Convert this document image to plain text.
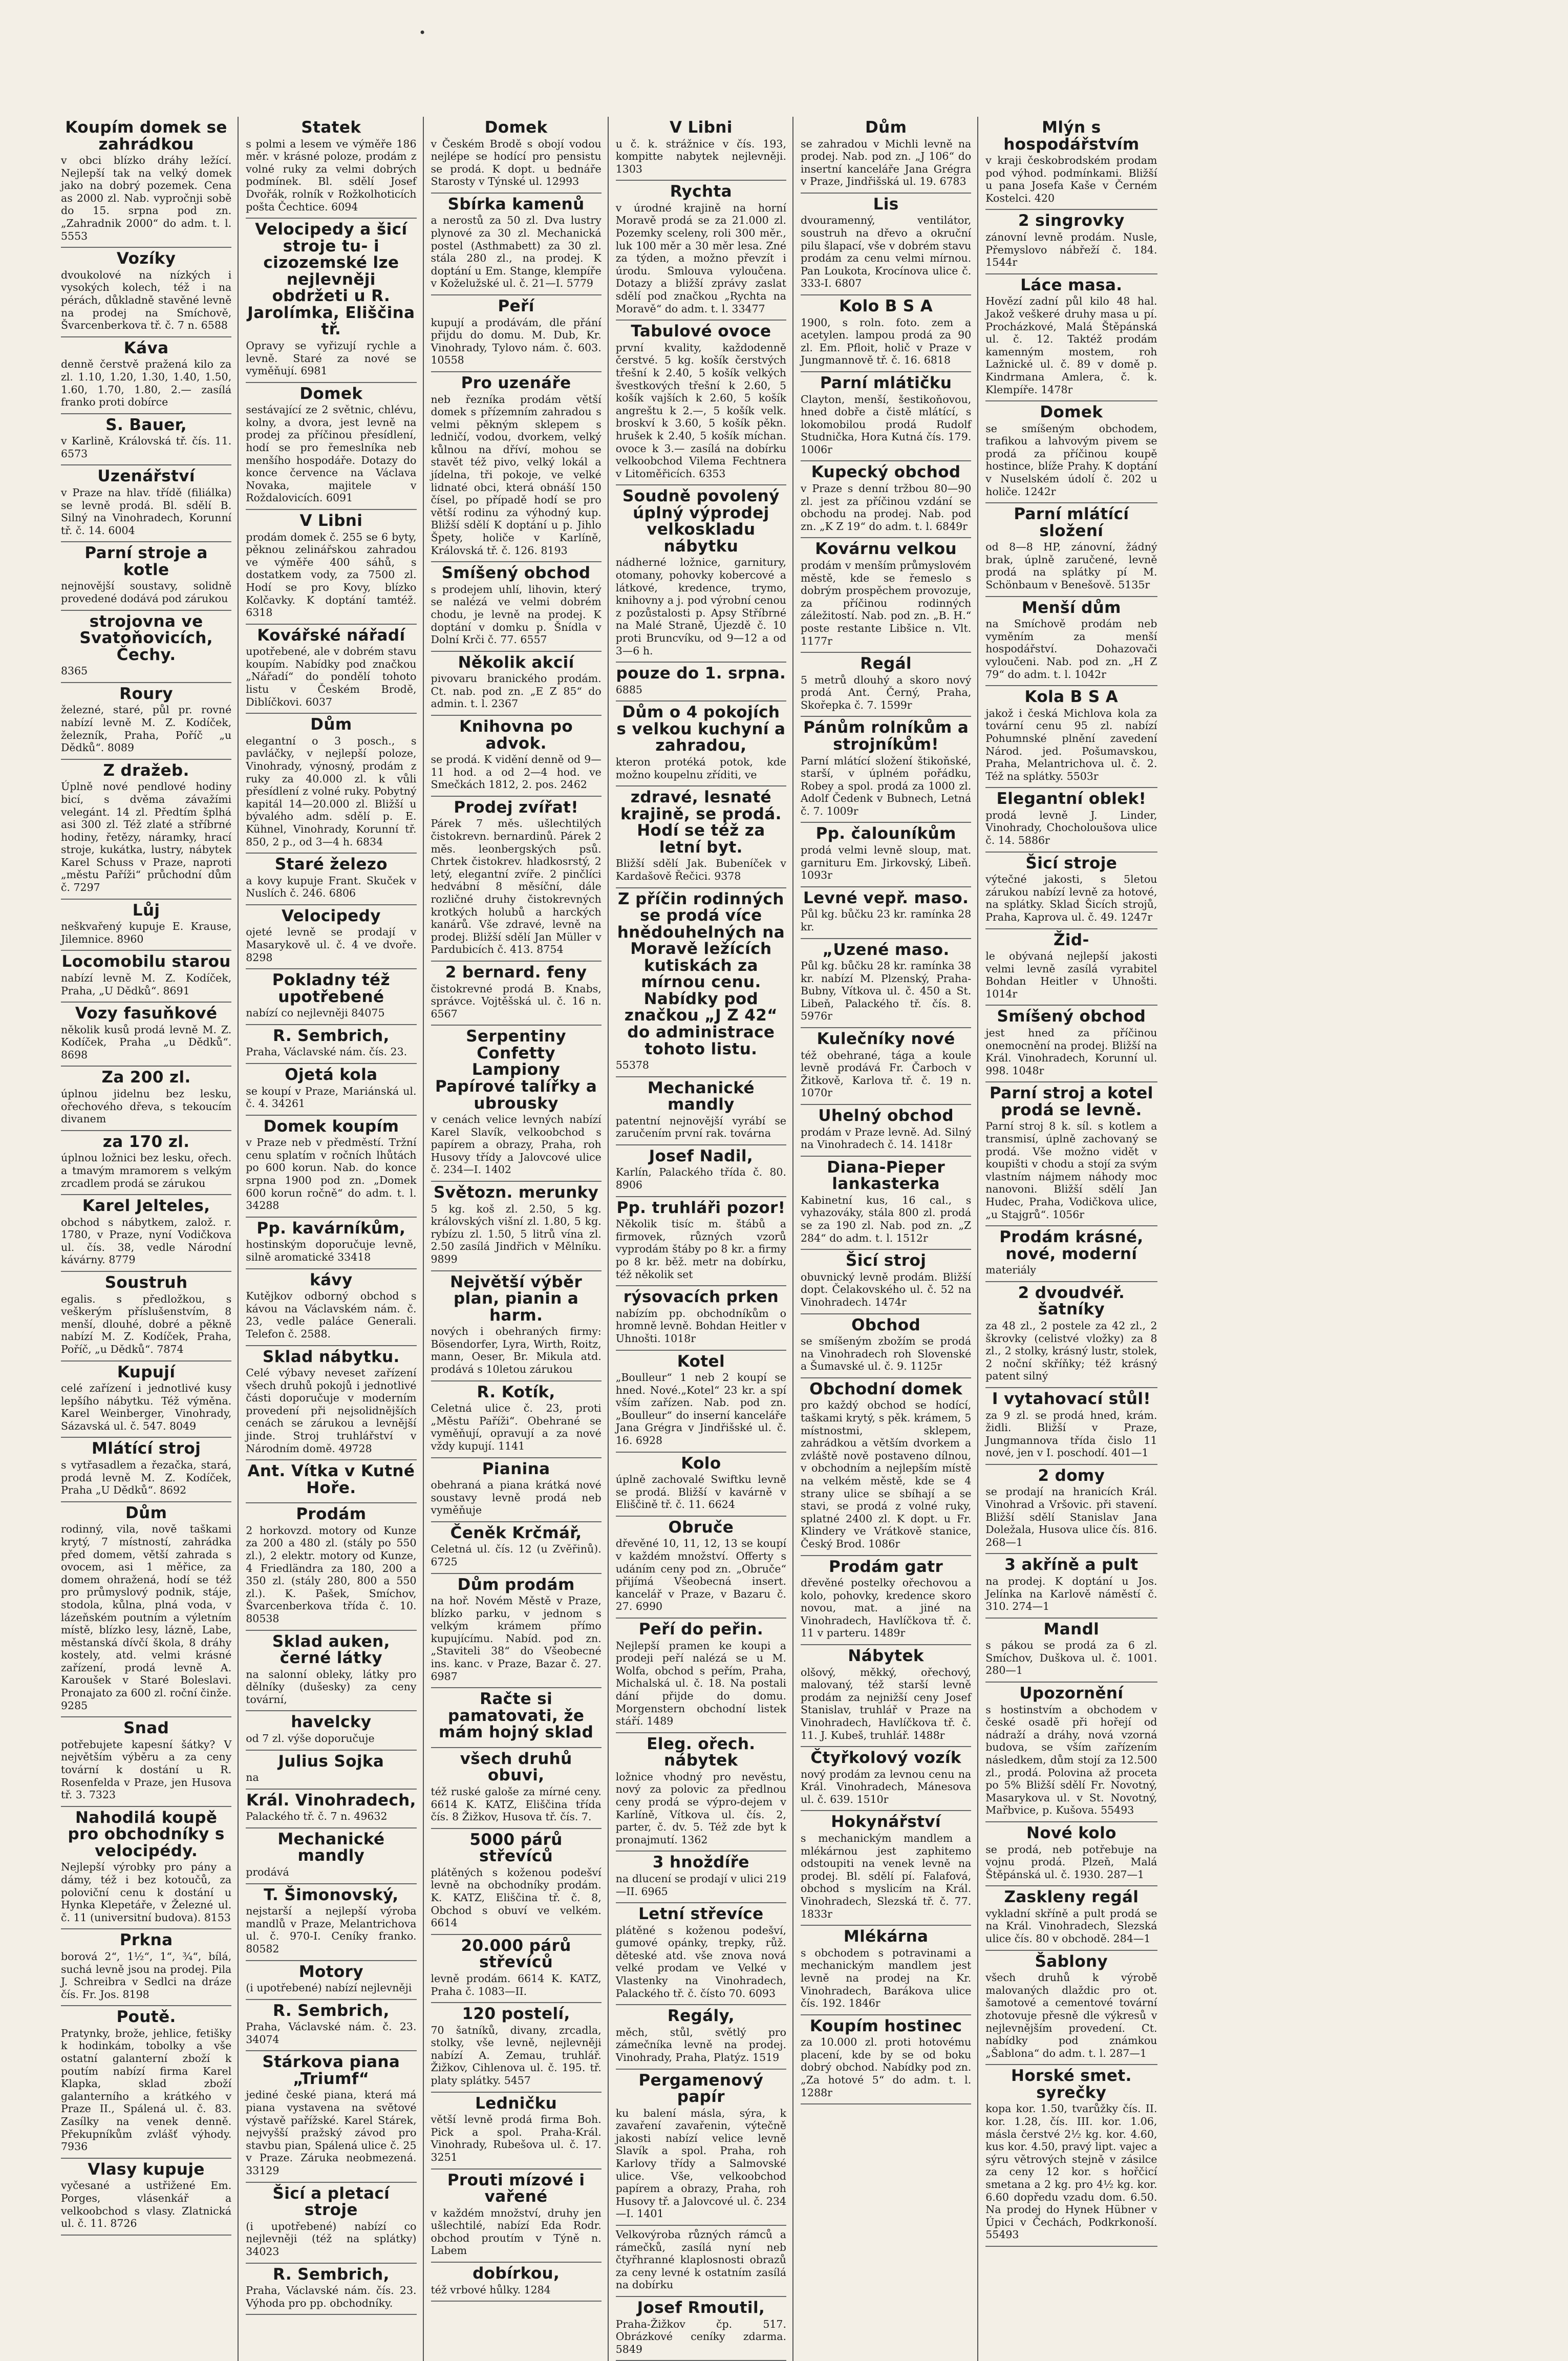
•
Koupím domek se zahrádkou
v obci blízko dráhy ležící. Nejlepší tak na velký domek jako na dobrý pozemek. Cena as 2000 zl. Nab. vypročnji sobě do 15. srpna pod zn. „Zahradnik 2000“ do adm. t. l. 5553
Vozíky
dvoukolové na nízkých i vysokých kolech, též i na pérách, důkladně stavěné levně na prodej na Smíchově, Švarcenberkova tř. č. 7 n. 6588
Káva
denně čerstvě pražená kilo za zl. 1.10, 1.20, 1.30, 1.40, 1.50, 1.60, 1.70, 1.80, 2.— zasílá franko proti dobírce
S. Bauer,
v Karlině, Královská tř. čís. 11. 6573
Uzenářství
v Praze na hlav. třídě (filiálka) se levně prodá. Bl. sdělí B. Silný na Vinohradech, Korunní tř. č. 14. 6004
Parní stroje a kotle
nejnovější soustavy, solidně provedené dodává pod zárukou
strojovna ve Svatoňovicích, Čechy.
8365
Roury
železné, staré, půl pr. rovné nabízí levně M. Z. Kodíček, železník, Praha, Poříč „u Dědků“. 8089
Z dražeb.
Úplně nové pendlové hodiny bicí, s dvěma závažími velegánt. 14 zl. Předtím šplhá asi 300 zl. Též zlaté a stříbrné hodiny, řetězy, náramky, hrací stroje, kukátka, lustry, nábytek Karel Schuss v Praze, naproti „městu Paříži“ průchodní dům č. 7297
Lůj
neškvařený kupuje E. Krause, Jilemnice. 8960
Locomobilu starou
nabízí levně M. Z. Kodíček, Praha, „U Dědků“. 8691
Vozy fasuňkové
několik kusů prodá levně M. Z. Kodíček, Praha „u Dědků“. 8698
Za 200 zl.
úplnou jidelnu bez lesku, ořechového dřeva, s tekoucím divanem
za 170 zl.
úplnou ložnici bez lesku, ořech. a tmavým mramorem s velkým zrcadlem prodá se zárukou
Karel Jelteles,
obchod s nábytkem, založ. r. 1780, v Praze, nyní Vodičkova ul. čís. 38, vedle Národní kávárny. 8779
Soustruh
egalis. s předložkou, s veškerým příslušenstvím, 8 menší, dlouhé, dobré a pěkně nabízí M. Z. Kodíček, Praha, Poříč, „u Dědků“. 7874
Kupují
celé zařízení i jednotlivé kusy lepšího nábytku. Též výměna. Karel Weinberger, Vinohrady, Sázavská ul. č. 547. 8049
Mlátící stroj
s vytřasadlem a řezačka, stará, prodá levně M. Z. Kodíček, Praha „U Dědků“. 8692
Dům
rodinný, vila, nově taškami krytý, 7 místností, zahrádka před domem, větší zahrada s ovocem, asi 1 měřice, za domem ohražená, hodí se též pro průmyslový podnik, stáje, stodola, kůlna, plná voda, v lázeňském poutním a výletním místě, blízko lesy, lázně, Labe, městanská dívčí škola, 8 dráhy kostely, atd. velmi krásné zařízení, prodá levně A. Karoušek v Staré Boleslavi. Pronajato za 600 zl. roční činže. 9285
Snad
potřebujete kapesní šátky? V největším výběru a za ceny tovární k dostání u R. Rosenfelda v Praze, jen Husova tř. 3. 7323
Nahodilá koupě pro obchodníky s velocipédy.
Nejlepší výrobky pro pány a dámy, též i bez kotoučů, za poloviční cenu k dostání u Hynka Klepetáře, v Železné ul. č. 11 (universitní budova). 8153
Prkna
borová 2“, 1½“, 1“, ¾“, bílá, suchá levně jsou na prodej. Pila J. Schreibra v Sedlci na dráze čís. Fr. Jos. 8198
Poutě.
Pratynky, brože, jehlice, fetišky k hodinkám, tobolky a vše ostatní galanterní zboží k poutím nabízí firma Karel Klapka, sklad zboží galanterního a krátkého v Praze II., Spálená ul. č. 83. Zasílky na venek denně. Překupníkům zvlášť výhody. 7936
Vlasy kupuje
vyčesané a ustřižené Em. Porges, vlásenkář a velkoobchod s vlasy. Zlatnická ul. č. 11. 8726
Statek
s polmi a lesem ve výměře 186 měr. v krásné poloze, prodám z volné ruky za velmi dobrých podmínek. Bl. sdělí Josef Dvořák, rolník v Rožkolhoticích pošta Čechtice. 6094
Velocipedy a šicí stroje tu- i cizozemské lze nejlevněji obdržeti u R. Jarolímka, Eliščina tř.
Opravy se vyřizují rychle a levně. Staré za nové se vyměňují. 6981
Domek
sestávající ze 2 světnic, chlévu, kolny, a dvora, jest levně na prodej za příčinou přesídlení, hodí se pro řemeslníka neb menšího hospodáře. Dotazy do konce července na Václava Novaka, majitele v Roždalovicích. 6091
V Libni
prodám domek č. 255 se 6 byty, pěknou zelinářskou zahradou ve výměře 400 sáhů, s dostatkem vody, za 7500 zl. Hodí se pro Kovy, blízko Kolčavky. K doptání tamtéž. 6318
Kovářské nářadí
upotřebené, ale v dobrém stavu koupím. Nabídky pod značkou „Nářadí“ do pondělí tohoto listu v Českém Brodě, Diblíčkovi. 6037
Dům
elegantní o 3 posch., s pavláčky, v nejlepší poloze, Vinohrady, výnosný, prodám z ruky za 40.000 zl. k vůli přesídlení z volné ruky. Pobytný kapitál 14—20.000 zl. Bližší u bývalého adm. sdělí p. E. Kühnel, Vinohrady, Korunní tř. 850, 2 p., od 3—4 h. 6834
Staré železo
a kovy kupuje Frant. Skuček v Nuslích č. 246. 6806
Velocipedy
ojeté levně se prodají v Masarykově ul. č. 4 ve dvoře. 8298
Pokladny též upotřebené
nabízí co nejlevněji 84075
R. Sembrich,
Praha, Václavské nám. čís. 23.
Ojetá kola
se koupí v Praze, Mariánská ul. č. 4. 34261
Domek koupím
v Praze neb v předměstí. Tržní cenu splatím v ročních lhůtách po 600 korun. Nab. do konce srpna 1900 pod zn. „Domek 600 korun ročně“ do adm. t. l. 34288
Pp. kavárníkům,
hostinským doporučuje levně, silně aromatické 33418
kávy
Kutějkov odborný obchod s kávou na Václavském nám. č. 23, vedle paláce Generali. Telefon č. 2588.
Sklad nábytku.
Celé výbavy neveset zařízení všech druhů pokojů i jednotlivé části doporučuje v moderním provedení při nejsolidnějších cenách se zárukou a levnější jinde. Stroj truhlářství v Národním domě. 49728
Ant. Vítka v Kutné Hoře.
Prodám
2 horkovzd. motory od Kunze za 200 a 480 zl. (stály po 550 zl.), 2 elektr. motory od Kunze, 4 Friedländra za 180, 200 a 350 zl. (stály 280, 800 a 550 zl.). K. Pašek, Smíchov, Švarcenberkova třída č. 10. 80538
Sklad auken, černé látky
na salonní obleky, látky pro dělníky (dušesky) za ceny tovární,
havelcky
od 7 zl. výše doporučuje
Julius Sojka
na
Král. Vinohradech,
Palackého tř. č. 7 n. 49632
Mechanické mandly
prodává
T. Šimonovský,
nejstarší a nejlepší výroba mandlů v Praze, Melantrichova ul. č. 970-I. Ceníky franko. 80582
Motory
(i upotřebené) nabízí nejlevněji
R. Sembrich,
Praha, Václavské nám. č. 23. 34074
Stárkova piana „Triumf“
jediné české piana, která má piana vystavena na světové výstavě pařížské. Karel Stárek, nejvyšší pražský závod pro stavbu pian, Spálená ulice č. 25 v Praze. Záruka neobmezená. 33129
Šicí a pletací stroje
(i upotřebené) nabízí co nejlevněji (též na splátky) 34023
R. Sembrich,
Praha, Václavské nám. čís. 23. Výhoda pro pp. obchodníky.
Domek
v Českém Brodě s obojí vodou nejlépe se hodící pro pensistu se prodá. K dopt. u bednáře Starosty v Týnské ul. 12993
Sbírka kamenů
a nerostů za 50 zl. Dva lustry plynové za 30 zl. Mechanická postel (Asthmabett) za 30 zl. stála 280 zl., na prodej. K doptání u Em. Stange, klempíře v Koželužské ul. č. 21—I. 5779
Peří
kupují a prodávám, dle přání přijdu do domu. M. Dub, Kr. Vinohrady, Tylovo nám. č. 603. 10558
Pro uzenáře
neb řezníka prodám větší domek s přízemním zahradou s velmi pěkným sklepem s ledničí, vodou, dvorkem, velký kůlnou na dříví, mohou se stavět též pivo, velký lokál a jídelna, tři pokoje, ve velké lidnaté obci, která obnáší 150 čísel, po případě hodí se pro větší rodinu za výhodný kup. Bližší sdělí K doptání u p. Jihlo Špety, holiče v Karlíně, Královská tř. č. 126. 8193
Smíšený obchod
s prodejem uhlí, lihovin, který se nalézá ve velmi dobrém chodu, je levně na prodej. K doptání v domku p. Šnídla v Dolní Krči č. 77. 6557
Několik akcií
pivovaru branického prodám. Ct. nab. pod zn. „E Z 85“ do admin. t. l. 2367
Knihovna po advok.
se prodá. K vidění denně od 9—11 hod. a od 2—4 hod. ve Smečkách 1812, 2. pos. 2462
Prodej zvířat!
Párek 7 měs. ušlechtilých čistokrevn. bernardinů. Párek 2 měs. leonbergských psů. Chrtek čistokrev. hladkosrstý, 2 letý, elegantní zvíře. 2 pinčlíci hedvábní 8 měsíční, dále rozličné druhy čistokrevných krotkých holubů a harckých kanárů. Vše zdravé, levně na prodej. Bližší sdělí Jan Müller v Pardubicích č. 413. 8754
2 bernard. feny
čistokrevné prodá B. Knabs, správce. Vojtěšská ul. č. 16 n. 6567
Serpentiny Confetty Lampiony Papírové talířky a ubrousky
v cenách velice levných nabízí Karel Slavík, velkoobchod s papírem a obrazy, Praha, roh Husovy třídy a Jalovcové ulice č. 234—I. 1402
Světozn. merunky
5 kg. koš zl. 2.50, 5 kg. královských višní zl. 1.80, 5 kg. rybízu zl. 1.50, 5 litrů vína zl. 2.50 zasílá Jindřich v Mělníku. 9899
Největší výběr plan, pianin a harm.
nových i obehraných firmy: Bösendorfer, Lyra, Wirth, Roitz, mann, Oeser, Br. Mikula atd. prodává s 10letou zárukou
R. Kotík,
Celetná ulice č. 23, proti „Městu Paříži“. Obehrané se vyměňují, opravují a za nové vždy kupují. 1141
Pianina
obehraná a piana krátká nové soustavy levně prodá neb vyměňuje
Čeněk Krčmář,
Celetná ul. čís. 12 (u Zvěřinů). 6725
Dům prodám
na hoř. Novém Městě v Praze, blízko parku, v jednom s velkým krámem přímo kupujícímu. Nabíd. pod zn. „Staviteli 38“ do Všeobecné ins. kanc. v Praze, Bazar č. 27. 6987
Račte si pamatovati, že mám hojný sklad
všech druhů obuvi,
též ruské galoše za mírné ceny. 6614 K. KATZ, Eliščina třída čís. 8 Žižkov, Husova tř. čís. 7.
5000 párů střevíců
plátěných s koženou podešví levně na obchodníky prodám. K. KATZ, Eliščina tř. č. 8, Obchod s obuví ve velkém. 6614
20.000 párů střevíců
levně prodám. 6614 K. KATZ, Praha č. 1083—II.
120 postelí,
70 šatníků, divany, zrcadla, stolky, vše levně, nejlevněji nabízí A. Zemau, truhlář. Žižkov, Cihlenova ul. č. 195. tř. platy splátky. 5457
Ledničku
větší levně prodá firma Boh. Pick a spol. Praha-Král. Vinohrady, Rubešova ul. č. 17. 3251
Prouti mízové i vařené
v každém množství, druhy jen ušlechtilé, nabízí Eda Rodr. obchod proutím v Týně n. Labem
dobírkou,
též vrbové hůlky. 1284
V Libni
u č. k. strážnice v čís. 193, kompitte nabytek nejlevněji. 1303
Rychta
v úrodné krajině na horní Moravě prodá se za 21.000 zl. Pozemky sceleny, roli 300 měr., luk 100 měr a 30 měr lesa. Zné za týden, a možno převzít i úrodu. Smlouva vyloučena. Dotazy a bližší zprávy zaslat sdělí pod značkou „Rychta na Moravě“ do adm. t. l. 33477
Tabulové ovoce
první kvality, každodenně čerstvé. 5 kg. košík čerstvých třešní k 2.40, 5 košík velkých švestkových třešní k 2.60, 5 košík vajších k 2.60, 5 košík angreštu k 2.—, 5 košík velk. broskví k 3.60, 5 košík pěkn. hrušek k 2.40, 5 košík míchan. ovoce k 3.— zasílá na dobírku velkoobchod Vilema Fechtnera v Litoměřicích. 6353
Soudně povolený úplný výprodej velkoskladu nábytku
nádherné ložnice, garnitury, otomany, pohovky kobercové a látkové, kredence, trymo, knihovny a j. pod výrobní cenou z pozůstalosti p. Apsy Stříbrné na Malé Straně, Újezdě č. 10 proti Bruncvíku, od 9—12 a od 3—6 h.
pouze do 1. srpna.
6885
Dům o 4 pokojích s velkou kuchyní a zahradou,
kteron protéká potok, kde možno koupelnu zříditi, ve
zdravé, lesnaté krajině, se prodá. Hodí se též za letní byt.
Bližší sdělí Jak. Bubeníček v Kardašově Řečici. 9378
Z příčin rodinných se prodá více hnědouhelných na Moravě ležících kutiskách za mírnou cenu. Nabídky pod značkou „J Z 42“ do administrace tohoto listu.
55378
Mechanické mandly
patentní nejnovější vyrábí se zaručením první rak. továrna
Josef Nadil,
Karlín, Palackého třída č. 80. 8906
Pp. truhláři pozor!
Několik tisíc m. štábů a firmovek, různých vzorů vyprodám štáby po 8 kr. a firmy po 8 kr. běž. metr na dobírku, též několik set
rýsovacích prken
nabízím pp. obchodníkům o hromně levně. Bohdan Heitler v Uhnošti. 1018r
Kotel
„Boulleur“ 1 neb 2 koupí se hned. Nové.„Kotel“ 23 kr. a spí vším zařízen. Nab. pod zn. „Boulleur“ do inserní kanceláře Jana Grégra v Jindřišské ul. č. 16. 6928
Kolo
úplně zachovalé Swiftku levně se prodá. Bližší v kavárně v Eliščině tř. č. 11. 6624
Obruče
dřevěné 10, 11, 12, 13 se koupí v každém množství. Offerty s udáním ceny pod zn. „Obruče“ přijímá Všeobecná insert. kancelář v Praze, v Bazaru č. 27. 6990
Peří do peřin.
Nejlepší pramen ke koupi a prodeji peří nalézá se u M. Wolfa, obchod s peřím, Praha, Michalská ul. č. 18. Na postali dání přijde do domu. Morgenstern obchodní listek stáří. 1489
Eleg. ořech. nábytek
ložnice vhodný pro nevěstu, nový za polovic za předlnou ceny prodá se výpro-dejem v Karlíně, Vítkova ul. čís. 2, parter, č. dv. 5. Též zde byt k pronajmutí. 1362
3 hnoždíře
na dlucení se prodají v ulici 219—II. 6965
Letní střevíce
plátěné s koženou podešví, gumové opánky, trepky, růž. děteské atd. vše znova nová velké prodam ve Velké v Vlastenky na Vinohradech, Palackého tř. č. čísto 70. 6093
Regály,
měch, stůl, světlý pro zámečníka levně na prodej. Vinohrady, Praha, Platýz. 1519
Pergamenový papír
ku balení másla, sýra, k zavaření zavařenin, výtečně jakosti nabízí velice levně Slavík a spol. Praha, roh Karlovy třídy a Salmovské ulice. Vše, velkoobchod papírem a obrazy, Praha, roh Husovy tř. a Jalovcové ul. č. 234—I. 1401
Velkovýroba různých rámců a rámečků, zasílá nyní neb čtyřhranné klaplosnosti obrazů za ceny levné k ostatním zasílá na dobírku
Josef Rmoutil,
Praha-Žižkov čp. 517. Obrázkové ceníky zdarma. 5849
Dům
se zahradou v Michli levně na prodej. Nab. pod zn. „J 106“ do insertní kanceláře Jana Grégra v Praze, Jindřišská ul. 19. 6783
Lis
dvouramenný, ventilátor, soustruh na dřevo a okruční pilu šlapací, vše v dobrém stavu prodám za cenu velmi mírnou. Pan Loukota, Krocínova ulice č. 333-I. 6807
Kolo B S A
1900, s roln. foto. zem a acetylen. lampou prodá za 90 zl. Em. Pfloit, holič v Praze v Jungmannově tř. č. 16. 6818
Parní mlátičku
Clayton, menší, šestikoňovou, hned dobře a čistě mlátící, s lokomobilou prodá Rudolf Studnička, Hora Kutná čís. 179. 1006r
Kupecký obchod
v Praze s denní tržbou 80—90 zl. jest za příčinou vzdání se obchodu na prodej. Nab. pod zn. „K Z 19“ do adm. t. l. 6849r
Kovárnu velkou
prodám v menším průmyslovém městě, kde se řemeslo s dobrým prospěchem provozuje, za příčinou rodinných záležitostí. Nab. pod zn. „B. H.“ poste restante Libšice n. Vlt. 1177r
Regál
5 metrů dlouhý a skoro nový prodá Ant. Černý, Praha, Skořepka č. 7. 1599r
Pánům rolníkům a strojníkům!
Parní mlátící složení štikoňské, starší, v úplném pořádku, Robey a spol. prodá za 1000 zl. Adolf Čedenk v Bubnech, Letná č. 7. 1009r
Pp. čalouníkům
prodá velmi levně sloup, mat. garnituru Em. Jirkovský, Libeň. 1093r
Levné vepř. maso.
Půl kg. bůčku 23 kr. ramínka 28 kr.
„Uzené maso.
Půl kg. bůčku 28 kr. ramínka 38 kr. nabízí M. Plzenský, Praha-Bubny, Vítkova ul. č. 450 a St. Libeň, Palackého tř. čís. 8. 5976r
Kulečníky nové
též obehrané, tága a koule levně prodává Fr. Čarboch v Žitkově, Karlova tř. č. 19 n. 1070r
Uhelný obchod
prodám v Praze levně. Ad. Silný na Vinohradech č. 14. 1418r
Diana-Pieper lankasterka
Kabinetní kus, 16 cal., s vyhazováky, stála 800 zl. prodá se za 190 zl. Nab. pod zn. „Z 284“ do adm. t. l. 1512r
Šicí stroj
obuvnický levně prodám. Bližší dopt. Čelakovského ul. č. 52 na Vinohradech. 1474r
Obchod
se smíšeným zbožím se prodá na Vinohradech roh Slovenské a Šumavské ul. č. 9. 1125r
Obchodní domek
pro každý obchod se hodící, taškami krytý, s pěk. krámem, 5 místnostmi, sklepem, zahrádkou a větším dvorkem a zvláště nově postaveno dílnou, v obchodním a nejlepším místě na velkém městě, kde se 4 strany ulice se sbíhají a se stavi, se prodá z volné ruky, splatné 2400 zl. K dopt. u Fr. Klindery ve Vrátkově stanice, Český Brod. 1086r
Prodám gatr
dřevěné postelky ořechovou a kolo, pohovky, kredence skoro novou, mat. a jiné na Vinohradech, Havlíčkova tř. č. 11 v parteru. 1489r
Nábytek
olšový, měkký, ořechový, malovaný, též starší levně prodám za nejnižší ceny Josef Stanislav, truhlář v Praze na Vinohradech, Havlíčkova tř. č. 11. J. Kubeš, truhlář. 1488r
Čtyřkolový vozík
nový prodám za levnou cenu na Král. Vinohradech, Mánesova ul. č. 639. 1510r
Hokynářství
s mechanickým mandlem a mlékárnou jest zaphitemo odstoupiti na venek levně na prodej. Bl. sdělí pí. Falafová, obchod s myslicím na Král. Vinohradech, Slezská tř. č. 77. 1833r
Mlékárna
s obchodem s potravinami a mechanickým mandlem jest levně na prodej na Kr. Vinohradech, Barákova ulice čís. 192. 1846r
Koupím hostinec
za 10.000 zl. proti hotovému placení, kde by se od boku dobrý obchod. Nabídky pod zn. „Za hotové 5“ do adm. t. l. 1288r
Mlýn s hospodářstvím
v kraji českobrodském prodam pod výhod. podmínkami. Bližší u pana Josefa Kaše v Černém Kostelci. 420
2 singrovky
zánovní levně prodám. Nusle, Přemyslovo nábřeží č. 184. 1544r
Láce masa.
Hovězí zadní půl kilo 48 hal. Jakož veškeré druhy masa u pí. Procházkové, Malá Štěpánská ul. č. 12. Taktéž prodám kamenným mostem, roh Lažnické ul. č. 89 v domě p. Kindrmana Amlera, č. k. Klempíře. 1478r
Domek
se smíšeným obchodem, trafikou a lahvovým pivem se prodá za příčinou koupě hostince, blíže Prahy. K doptání v Nuselském údolí č. 202 u holiče. 1242r
Parní mlátící složení
od 8—8 HP, zánovní, žádný brak, úplně zaručené, levně prodá na splátky pí M. Schönbaum v Benešově. 5135r
Menší dům
na Smíchově prodám neb vyměním za menší hospodářství. Dohazovači vyloučeni. Nab. pod zn. „H Z 79“ do adm. t. l. 1042r
Kola B S A
jakož i česká Michlova kola za tovární cenu 95 zl. nabízí Pohumnské plnění zavedení Národ. jed. Pošumavskou, Praha, Melantrichova ul. č. 2. Též na splátky. 5503r
Elegantní oblek!
prodá levně J. Linder, Vinohrady, Chocholoušova ulice č. 14. 5886r
Šicí stroje
výtečné jakosti, s 5letou zárukou nabízí levně za hotové, na splátky. Sklad Šicích strojů, Praha, Kaprova ul. č. 49. 1247r
Žid-
le obývaná nejlepší jakosti velmi levně zasílá vyrabitel Bohdan Heitler v Uhnošti. 1014r
Smíšený obchod
jest hned za příčinou onemocnění na prodej. Bližší na Král. Vinohradech, Korunní ul. 998. 1048r
Parní stroj a kotel prodá se levně.
Parní stroj 8 k. síl. s kotlem a transmisí, úplně zachovaný se prodá. Vše možno vidět v koupišti v chodu a stojí za svým vlastním nájmem náhody moc nanovoni. Bližší sdělí Jan Hudec, Praha, Vodičkova ulice, „u Stajgrů“. 1056r
Prodám krásné, nové, moderní
materiály
2 dvoudvéř. šatníky
za 48 zl., 2 postele za 42 zl., 2 škrovky (celistvé vložky) za 8 zl., 2 stolky, krásný lustr, stolek, 2 noční skříňky; též krásný patent silný
I vytahovací stůl!
za 9 zl. se prodá hned, krám. židli. Bližší v Praze, Jungmannova třída čislo 11 nové, jen v I. poschodí. 401—1
2 domy
se prodají na hranicích Král. Vinohrad a Vršovic. při stavení. Bližší sdělí Stanislav Jana Doležala, Husova ulice čís. 816. 268—1
3 akříně a pult
na prodej. K doptání u Jos. Jelínka na Karlově náměstí č. 310. 274—1
Mandl
s pákou se prodá za 6 zl. Smíchov, Duškova ul. č. 1001. 280—1
Upozornění
s hostinstvím a obchodem v české osadě při hořejí od nádraží a dráhy, nová vzorná budova, se vším zařízením následkem, dům stojí za 12.500 zl., prodá. Polovina až proceta po 5% Bližší sdělí Fr. Novotný, Masarykova ul. v St. Novotný, Mařbvice, p. Kušova. 55493
Nové kolo
se prodá, neb potřebuje na vojnu prodá. Plzeň, Malá Štěpánská ul. č. 1930. 287—1
Zaskleny regál
vykladní skříně a pult prodá se na Král. Vinohradech, Slezská ulice čís. 80 v obchodě. 284—1
Šablony
všech druhů k výrobě malovaných dlaždic pro ot. šamotové a cementové tovární zhotovuje přesně dle výkresů v nejlevnějším provedení. Ct. nabídky pod známkou „Šablona“ do adm. t. l. 287—1
Horské smet. syrečky
kopa kor. 1.50, tvarůžky čís. II. kor. 1.28, čís. III. kor. 1.06, másla čerstvé 2½ kg. kor. 4.60, kus kor. 4.50, pravý lipt. vajec a sýru větrových stejně v zásilce za ceny 12 kor. s hořčicí smetana a 2 kg. pro 4½ kg. kor. 6.60 dopředu vzadu dom. 6.50. Na prodej do Hynek Hübner v Úpici v Čechách, Podkrkonoší. 55493
